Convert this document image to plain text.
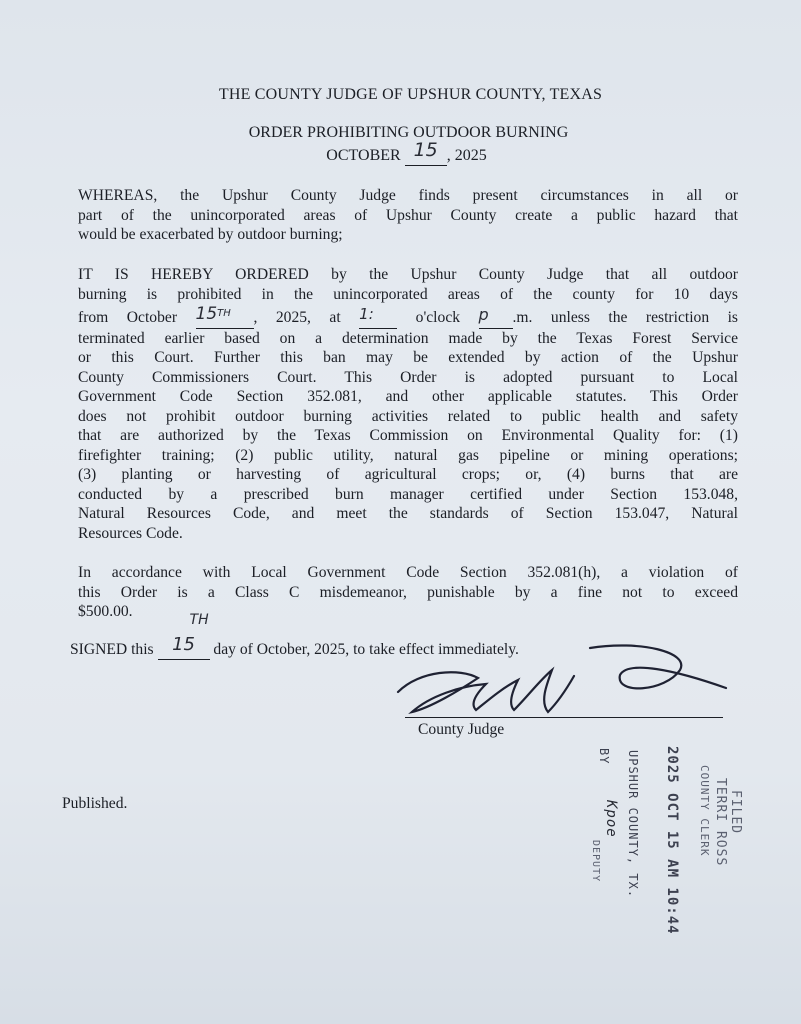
THE COUNTY JUDGE OF UPSHUR COUNTY, TEXAS
ORDER PROHIBITING OUTDOOR BURNING
OCTOBER 15 , 2025
WHEREAS, the Upshur County Judge finds present circumstances in all or
part of the unincorporated areas of Upshur County create a public hazard that
would be exacerbated by outdoor burning;
IT IS HEREBY ORDERED by the Upshur County Judge that all outdoor
burning is prohibited in the unincorporated areas of the county for 10 days
from October 15TH , 2025, at 1:	o'clock p .m. unless the restriction is
terminated earlier based on a determination made by the Texas Forest Service
or this Court. Further this ban may be extended by action of the Upshur
County Commissioners Court. This Order is adopted pursuant to Local
Government Code Section 352.081, and other applicable statutes. This Order
does not prohibit outdoor burning activities related to public health and safety
that are authorized by the Texas Commission on Environmental Quality for: (1)
firefighter training; (2) public utility, natural gas pipeline or mining operations;
(3) planting or harvesting of agricultural crops; or, (4) burns that are
conducted by a prescribed burn manager certified under Section 153.048,
Natural Resources Code, and meet the standards of Section 153.047, Natural
Resources Code.
In accordance with Local Government Code Section 352.081(h), a violation of
this Order is a Class C misdemeanor, punishable by a fine not to exceed
$500.00.
SIGNED this 15
TH
day of October, 2025, to take effect immediately.
County Judge
Published.	FILED
TERRI ROSS
COUNTY CLERK
2025 OCT 15 AM 10:44
UPSHUR COUNTY, TX.
BY
Kpoe
DEPUTY
